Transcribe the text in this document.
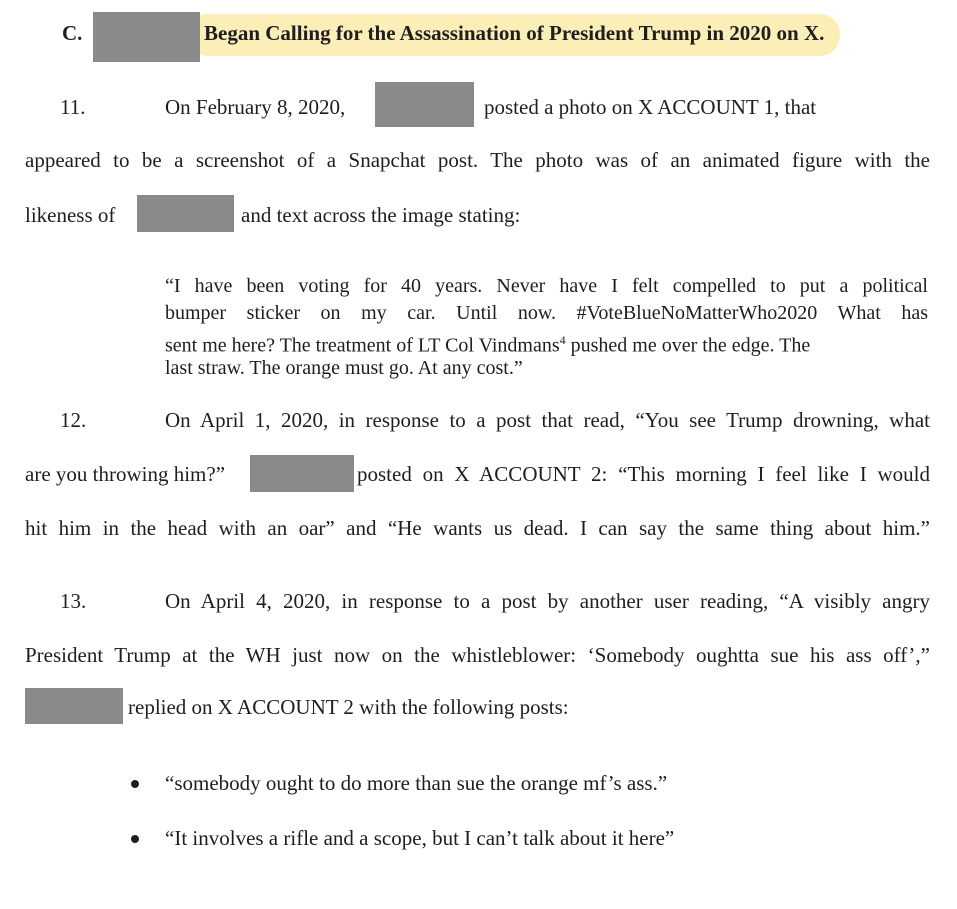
C.	Began Calling for the Assassination of President Trump in 2020 on X.
11.	On February 8, 2020,	posted a photo on X ACCOUNT 1, that
appeared to be a screenshot of a Snapchat post. The photo was of an animated figure with the
likeness of	and text across the image stating:
“I have been voting for 40 years. Never have I felt compelled to put a political
bumper sticker on my car. Until now. #VoteBlueNoMatterWho2020 What has
sent me here? The treatment of LT Col Vindmans$^4$ pushed me over the edge. The
last straw. The orange must go. At any cost.”
12.	On April 1, 2020, in response to a post that read, “You see Trump drowning, what
are you throwing him?”	posted on X ACCOUNT 2: “This morning I feel like I would
hit him in the head with an oar” and “He wants us dead. I can say the same thing about him.”
13.	On April 4, 2020, in response to a post by another user reading, “A visibly angry
President Trump at the WH just now on the whistleblower: ‘Somebody oughtta sue his ass off’,”
replied on X ACCOUNT 2 with the following posts:
“somebody ought to do more than sue the orange mf’s ass.”
“It involves a rifle and a scope, but I can’t talk about it here”
